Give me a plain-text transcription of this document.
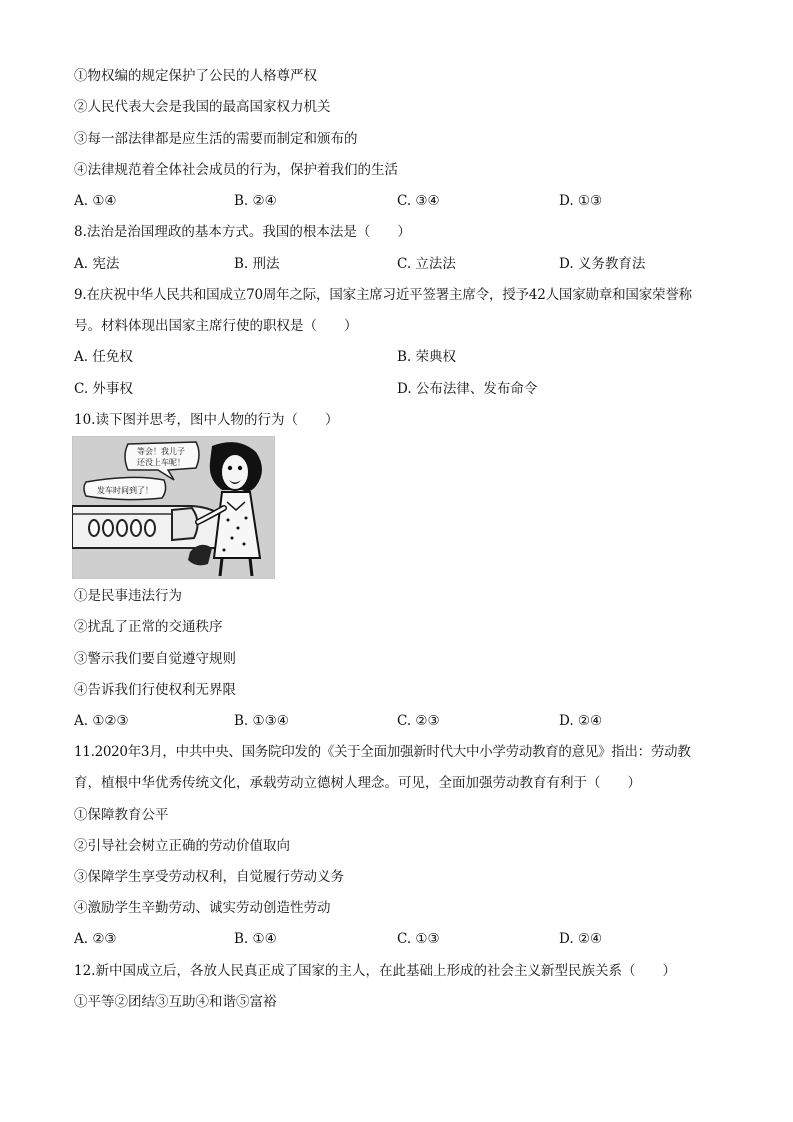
①物权编的规定保护了公民的人格尊严权
②人民代表大会是我国的最高国家权力机关
③每一部法律都是应生活的需要而制定和颁布的
④法律规范着全体社会成员的行为，保护着我们的生活
A. ①④	B. ②④	C. ③④	D. ①③
8.法治是治国理政的基本方式。我国的根本法是（　　）
A. 宪法	B. 刑法	C. 立法法	D. 义务教育法
9.在庆祝中华人民共和国成立70周年之际，国家主席习近平签署主席令，授予42人国家勋章和国家荣誉称
号。材料体现出国家主席行使的职权是（　　）
A. 任免权	B. 荣典权
C. 外事权	D. 公布法律、发布命令
10.读下图并思考，图中人物的行为（　　）
等会！我儿子
还没上车呢！
发车时间到了！
①是民事违法行为
②扰乱了正常的交通秩序
③警示我们要自觉遵守规则
④告诉我们行使权利无界限
A. ①②③	B. ①③④	C. ②③	D. ②④
11.2020年3月，中共中央、国务院印发的《关于全面加强新时代大中小学劳动教育的意见》指出：劳动教
育，植根中华优秀传统文化，承载劳动立德树人理念。可见，全面加强劳动教育有利于（　　）
①保障教育公平
②引导社会树立正确的劳动价值取向
③保障学生享受劳动权利，自觉履行劳动义务
④激励学生辛勤劳动、诚实劳动创造性劳动
A. ②③	B. ①④	C. ①③	D. ②④
12.新中国成立后，各放人民真正成了国家的主人，在此基础上形成的社会主义新型民族关系（　　）
①平等②团结③互助④和谐⑤富裕
